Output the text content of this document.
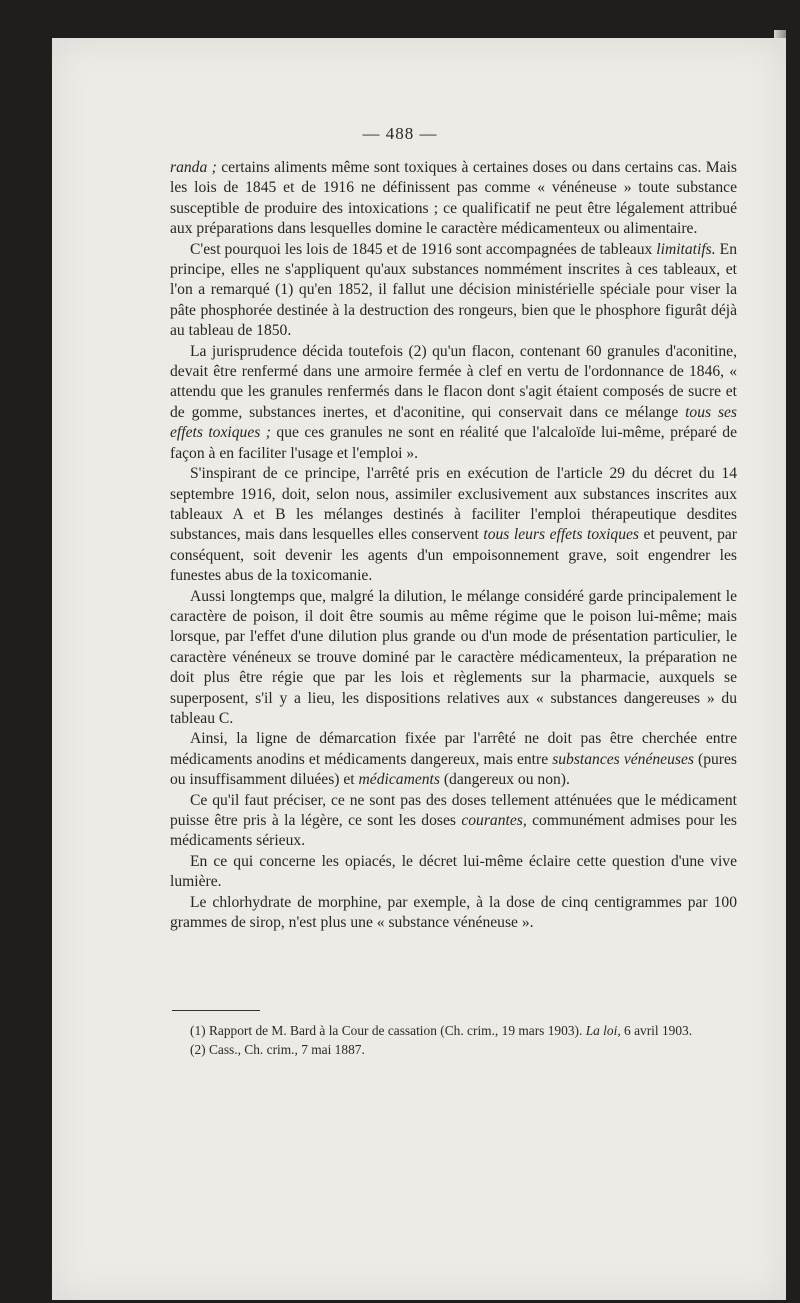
— 488 —

randa ; certains aliments même sont toxiques à certaines doses ou dans certains cas. Mais les lois de 1845 et de 1916 ne définissent pas comme « vénéneuse » toute substance susceptible de produire des intoxications ; ce qualificatif ne peut être légalement attribué aux préparations dans lesquelles domine le caractère médicamenteux ou alimentaire.

C'est pourquoi les lois de 1845 et de 1916 sont accompagnées de tableaux limitatifs. En principe, elles ne s'appliquent qu'aux substances nommément inscrites à ces tableaux, et l'on a remarqué (1) qu'en 1852, il fallut une décision ministérielle spéciale pour viser la pâte phosphorée destinée à la destruction des rongeurs, bien que le phosphore figurât déjà au tableau de 1850.

La jurisprudence décida toutefois (2) qu'un flacon, contenant 60 granules d'aconitine, devait être renfermé dans une armoire fermée à clef en vertu de l'ordonnance de 1846, « attendu que les granules renfermés dans le flacon dont s'agit étaient composés de sucre et de gomme, substances inertes, et d'aconitine, qui conservait dans ce mélange tous ses effets toxiques ; que ces granules ne sont en réalité que l'alcaloïde lui-même, préparé de façon à en faciliter l'usage et l'emploi ».

S'inspirant de ce principe, l'arrêté pris en exécution de l'article 29 du décret du 14 septembre 1916, doit, selon nous, assimiler exclusivement aux substances inscrites aux tableaux A et B les mélanges destinés à faciliter l'emploi thérapeutique desdites substances, mais dans lesquelles elles conservent tous leurs effets toxiques et peuvent, par conséquent, soit devenir les agents d'un empoisonnement grave, soit engendrer les funestes abus de la toxicomanie.

Aussi longtemps que, malgré la dilution, le mélange considéré garde principalement le caractère de poison, il doit être soumis au même régime que le poison lui-même; mais lorsque, par l'effet d'une dilution plus grande ou d'un mode de présentation particulier, le caractère vénéneux se trouve dominé par le caractère médicamenteux, la préparation ne doit plus être régie que par les lois et règlements sur la pharmacie, auxquels se superposent, s'il y a lieu, les dispositions relatives aux « substances dangereuses » du tableau C.

Ainsi, la ligne de démarcation fixée par l'arrêté ne doit pas être cherchée entre médicaments anodins et médicaments dangereux, mais entre substances vénéneuses (pures ou insuffisamment diluées) et médicaments (dangereux ou non).

Ce qu'il faut préciser, ce ne sont pas des doses tellement atténuées que le médicament puisse être pris à la légère, ce sont les doses courantes, communément admises pour les médicaments sérieux.

En ce qui concerne les opiacés, le décret lui-même éclaire cette question d'une vive lumière.

Le chlorhydrate de morphine, par exemple, à la dose de cinq centigrammes par 100 grammes de sirop, n'est plus une « substance vénéneuse ».

(1) Rapport de M. Bard à la Cour de cassation (Ch. crim., 19 mars 1903). La loi, 6 avril 1903.

(2) Cass., Ch. crim., 7 mai 1887.
